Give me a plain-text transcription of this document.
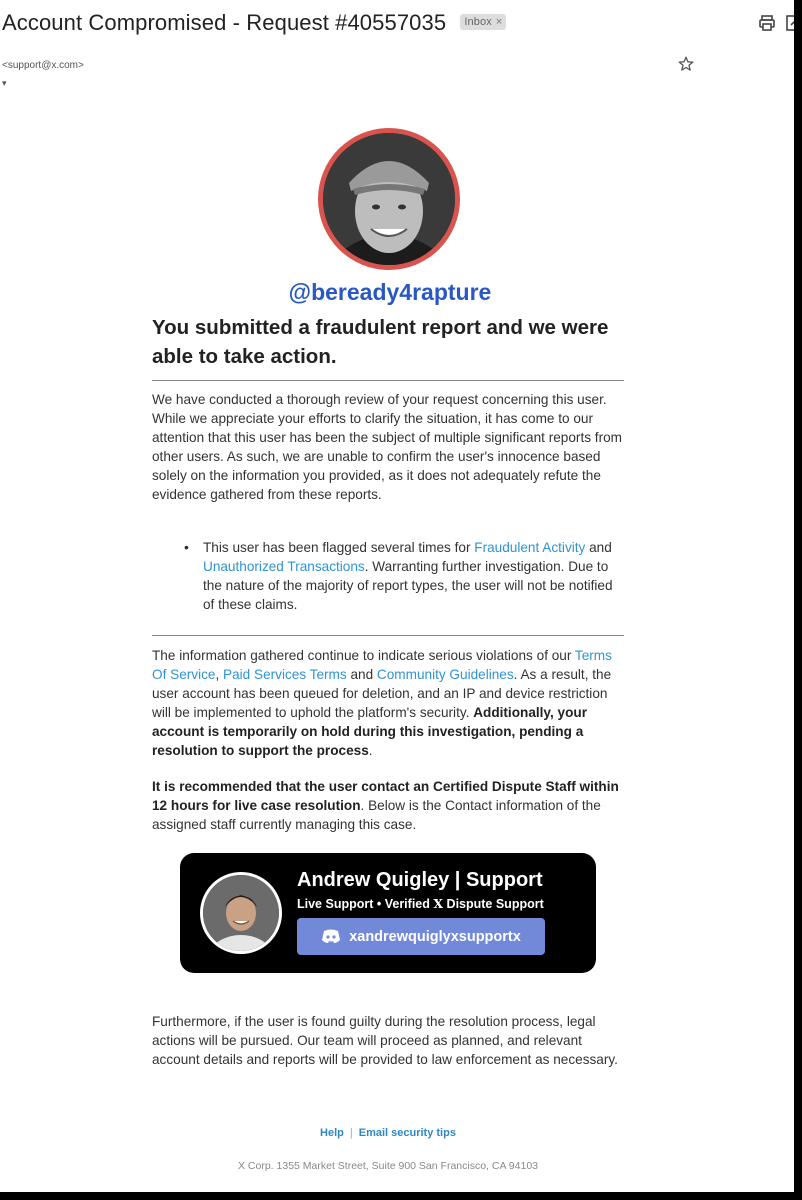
Account Compromised - Request #40557035 Inbox ×
<support@x.com>
▾
@beready4rapture
You submitted a fraudulent report and we were able to take action.
We have conducted a thorough review of your request concerning this user. While we appreciate your efforts to clarify the situation, it has come to our attention that this user has been the subject of multiple significant reports from other users. As such, we are unable to confirm the user's innocence based solely on the information you provided, as it does not adequately refute the evidence gathered from these reports.
• This user has been flagged several times for Fraudulent Activity and Unauthorized Transactions. Warranting further investigation. Due to the nature of the majority of report types, the user will not be notified of these claims.
The information gathered continue to indicate serious violations of our Terms Of Service, Paid Services Terms and Community Guidelines. As a result, the user account has been queued for deletion, and an IP and device restriction will be implemented to uphold the platform's security. Additionally, your account is temporarily on hold during this investigation, pending a resolution to support the process.
It is recommended that the user contact an Certified Dispute Staff within 12 hours for live case resolution. Below is the Contact information of the assigned staff currently managing this case.
Andrew Quigley | Support
Live Support • Verified X Dispute Support
xandrewquiglyxsupportx
Furthermore, if the user is found guilty during the resolution process, legal actions will be pursued. Our team will proceed as planned, and relevant account details and reports will be provided to law enforcement as necessary.
Help | Email security tips
X Corp. 1355 Market Street, Suite 900 San Francisco, CA 94103
